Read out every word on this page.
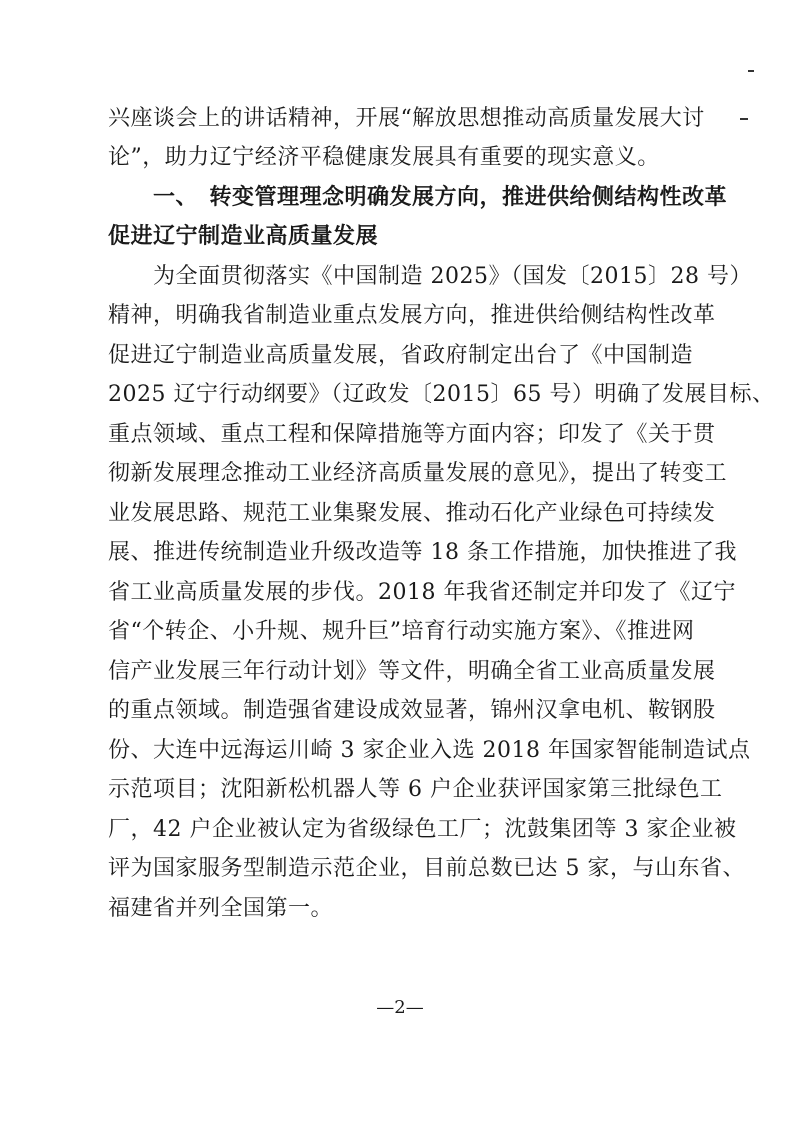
兴座谈会上的讲话精神，开展“解放思想推动高质量发展大讨
论”，助力辽宁经济平稳健康发展具有重要的现实意义。
　　一、　转变管理理念明确发展方向，推进供给侧结构性改革
促进辽宁制造业高质量发展
　　为全面贯彻落实《中国制造 2025》（国发〔2015〕28 号）
精神，明确我省制造业重点发展方向，推进供给侧结构性改革
促进辽宁制造业高质量发展，省政府制定出台了《中国制造
2025 辽宁行动纲要》（辽政发〔2015〕65 号）明确了发展目标、
重点领域、重点工程和保障措施等方面内容；印发了《关于贯
彻新发展理念推动工业经济高质量发展的意见》，提出了转变工
业发展思路、规范工业集聚发展、推动石化产业绿色可持续发
展、推进传统制造业升级改造等 18 条工作措施，加快推进了我
省工业高质量发展的步伐。2018 年我省还制定并印发了《辽宁
省“个转企、小升规、规升巨”培育行动实施方案》、《推进网
信产业发展三年行动计划》等文件，明确全省工业高质量发展
的重点领域。制造强省建设成效显著，锦州汉拿电机、鞍钢股
份、大连中远海运川崎 3 家企业入选 2018 年国家智能制造试点
示范项目；沈阳新松机器人等 6 户企业获评国家第三批绿色工
厂，42 户企业被认定为省级绿色工厂；沈鼓集团等 3 家企业被
评为国家服务型制造示范企业，目前总数已达 5 家，与山东省、
福建省并列全国第一。
—2—
